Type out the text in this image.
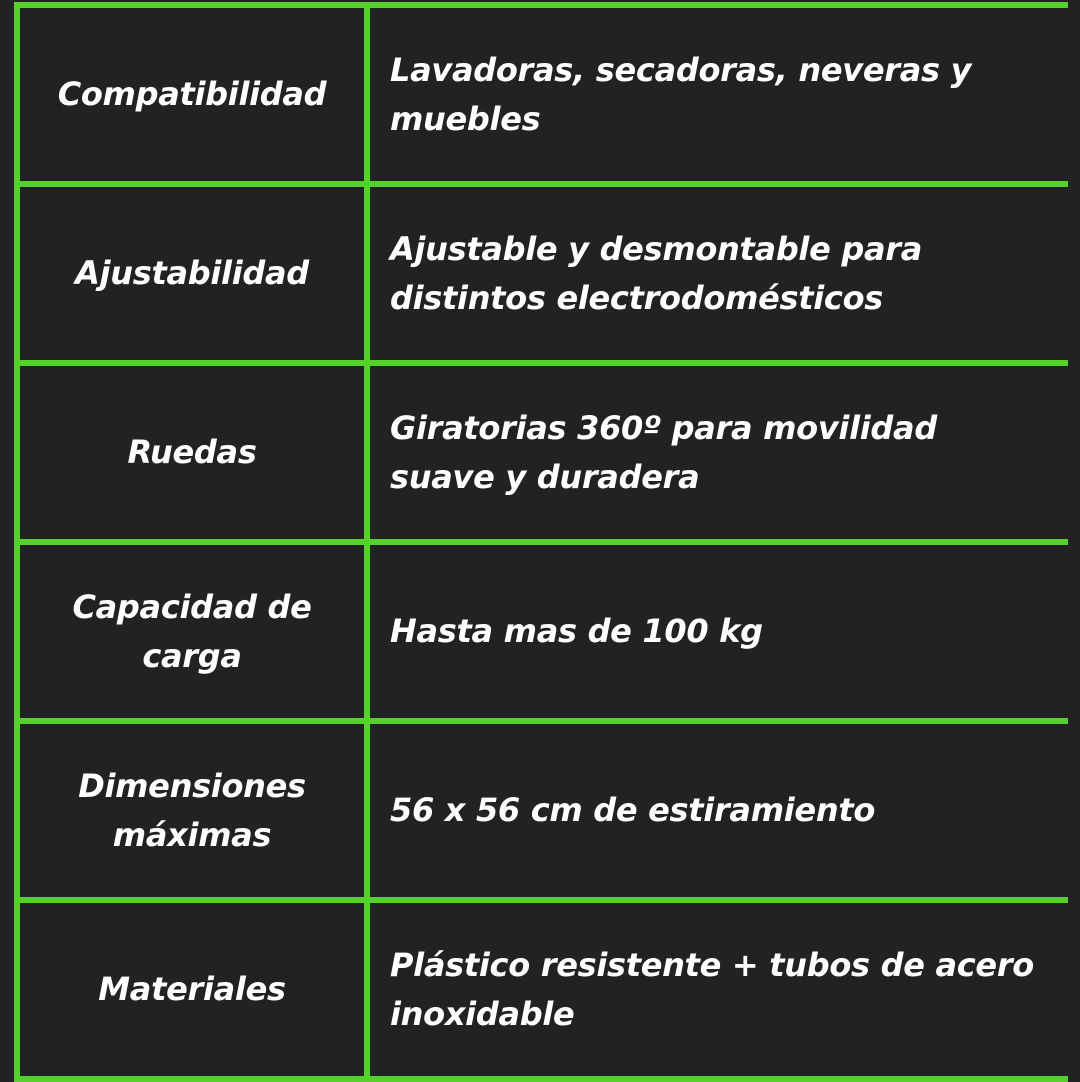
Compatibilidad
Lavadoras, secadoras, neveras y muebles
Ajustabilidad
Ajustable y desmontable para distintos electrodomésticos
Ruedas
Giratorias 360º para movilidad suave y duradera
Capacidad de carga
Hasta mas de 100 kg
Dimensiones máximas
56 x 56 cm de estiramiento
Materiales
Plástico resistente + tubos de acero inoxidable
